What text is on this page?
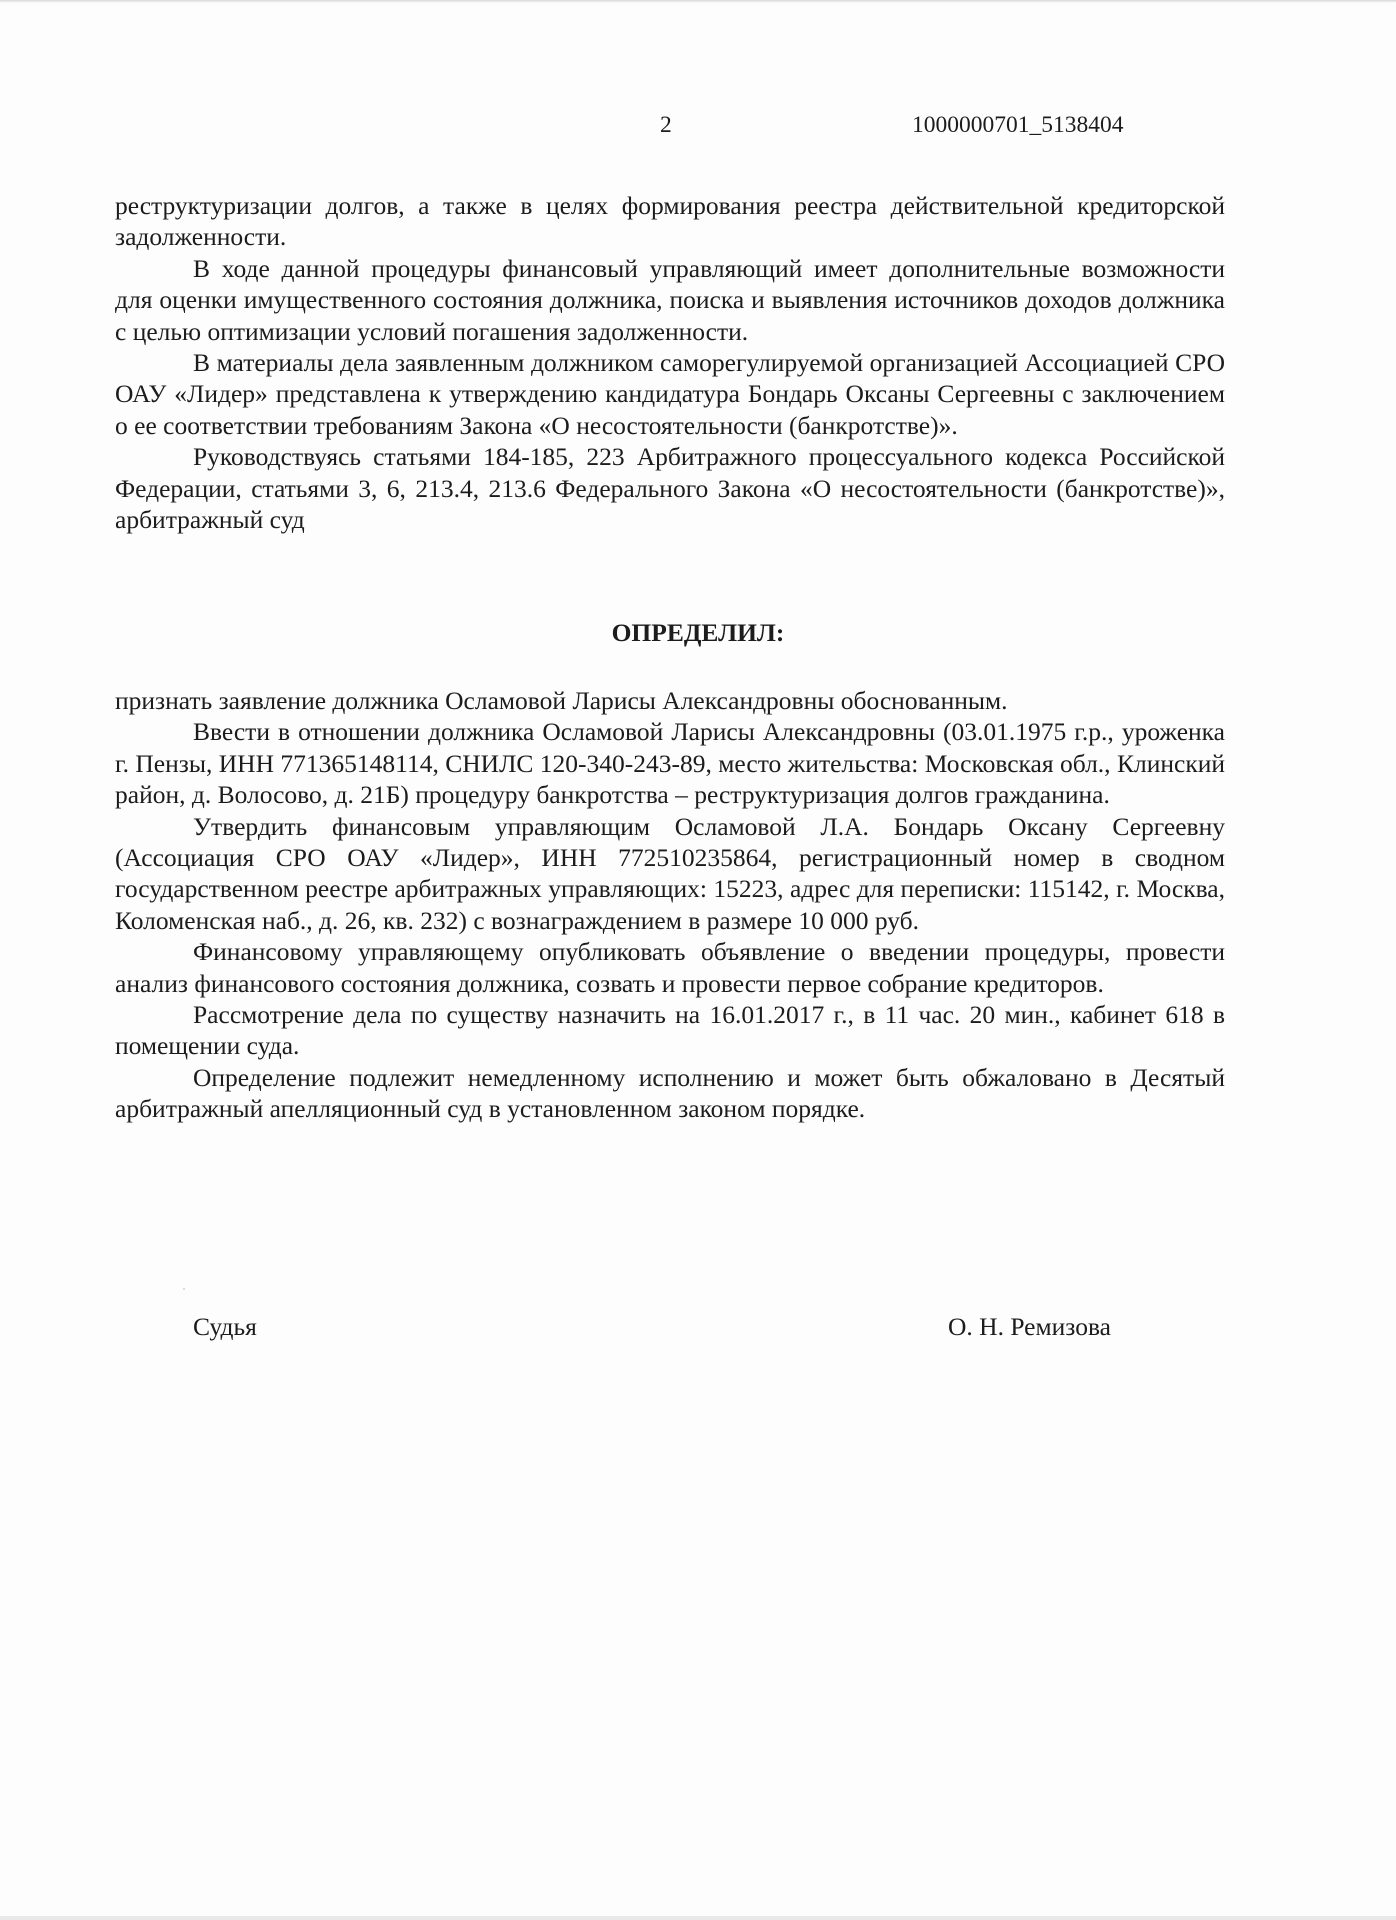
2	1000000701_5138404

реструктуризации долгов, а также в целях формирования реестра действительной кредиторской задолженности.

В ходе данной процедуры финансовый управляющий имеет дополнительные возможности для оценки имущественного состояния должника, поиска и выявления источников доходов должника с целью оптимизации условий погашения задолженности.

В материалы дела заявленным должником саморегулируемой организацией Ассоциацией СРО ОАУ «Лидер» представлена к утверждению кандидатура Бондарь Оксаны Сергеевны с заключением о ее соответствии требованиям Закона «О несостоятельности (банкротстве)».

Руководствуясь статьями 184-185, 223 Арбитражного процессуального кодекса Российской Федерации, статьями 3, 6, 213.4, 213.6 Федерального Закона «О несостоятельности (банкротстве)», арбитражный суд

ОПРЕДЕЛИЛ:

признать заявление должника Осламовой Ларисы Александровны обоснованным.

Ввести в отношении должника Осламовой Ларисы Александровны (03.01.1975 г.р., уроженка г. Пензы, ИНН 771365148114, СНИЛС 120-340-243-89, место жительства: Московская обл., Клинский район, д. Волосово, д. 21Б) процедуру банкротства – реструктуризация долгов гражданина.

Утвердить финансовым управляющим Осламовой Л.А. Бондарь Оксану Сергеевну (Ассоциация СРО ОАУ «Лидер», ИНН 772510235864, регистрационный номер в сводном государственном реестре арбитражных управляющих: 15223, адрес для переписки: 115142, г. Москва, Коломенская наб., д. 26, кв. 232) с вознаграждением в размере 10 000 руб.

Финансовому управляющему опубликовать объявление о введении процедуры, провести анализ финансового состояния должника, созвать и провести первое собрание кредиторов.

Рассмотрение дела по существу назначить на 16.01.2017 г., в 11 час. 20 мин., кабинет 618 в помещении суда.

Определение подлежит немедленному исполнению и может быть обжаловано в Десятый арбитражный апелляционный суд в установленном законом порядке.

Судья	О. Н. Ремизова
